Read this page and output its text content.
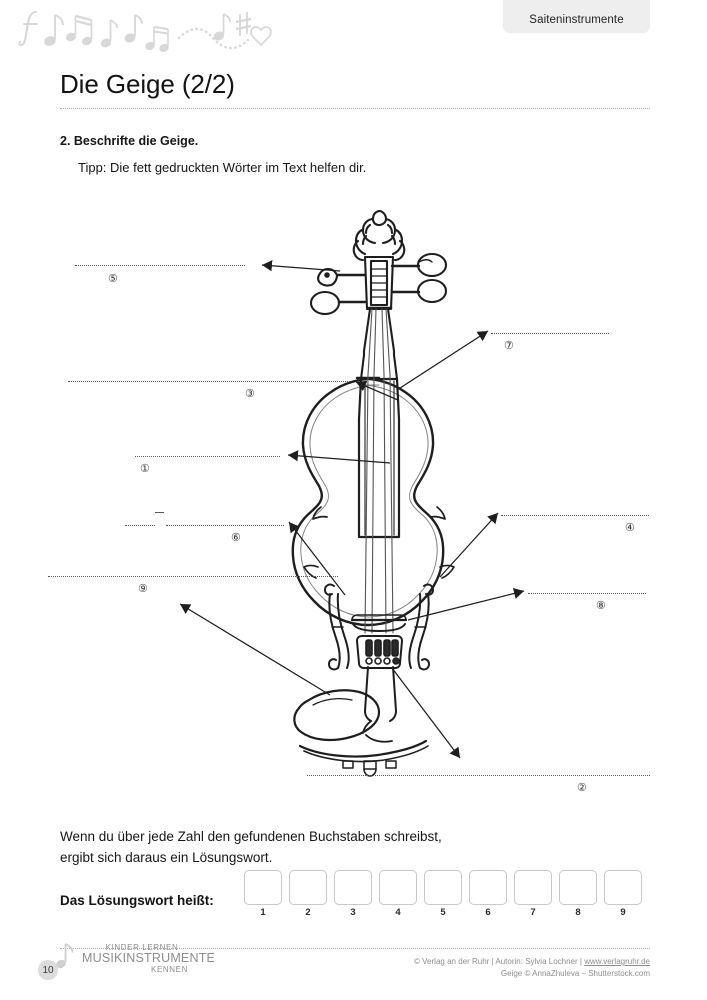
Saiteninstrumente
Die Geige (2/2)
2. Beschrifte die Geige.
Tipp: Die fett gedruckten Wörter im Text helfen dir.
⑤
⑦
③
①
⑥
④
⑨
⑧
②
Wenn du über jede Zahl den gefundenen Buchstaben schreibst,
ergibt sich daraus ein Lösungswort.
Das Lösungswort heißt:
1	2	3	4	5	6	7	8	9
10
KINDER LERNEN
MUSIKINSTRUMENTE
KENNEN
© Verlag an der Ruhr | Autorin: Sylvia Lochner | www.verlagruhr.de
Geige © AnnaZhuleva – Shutterstock.com
